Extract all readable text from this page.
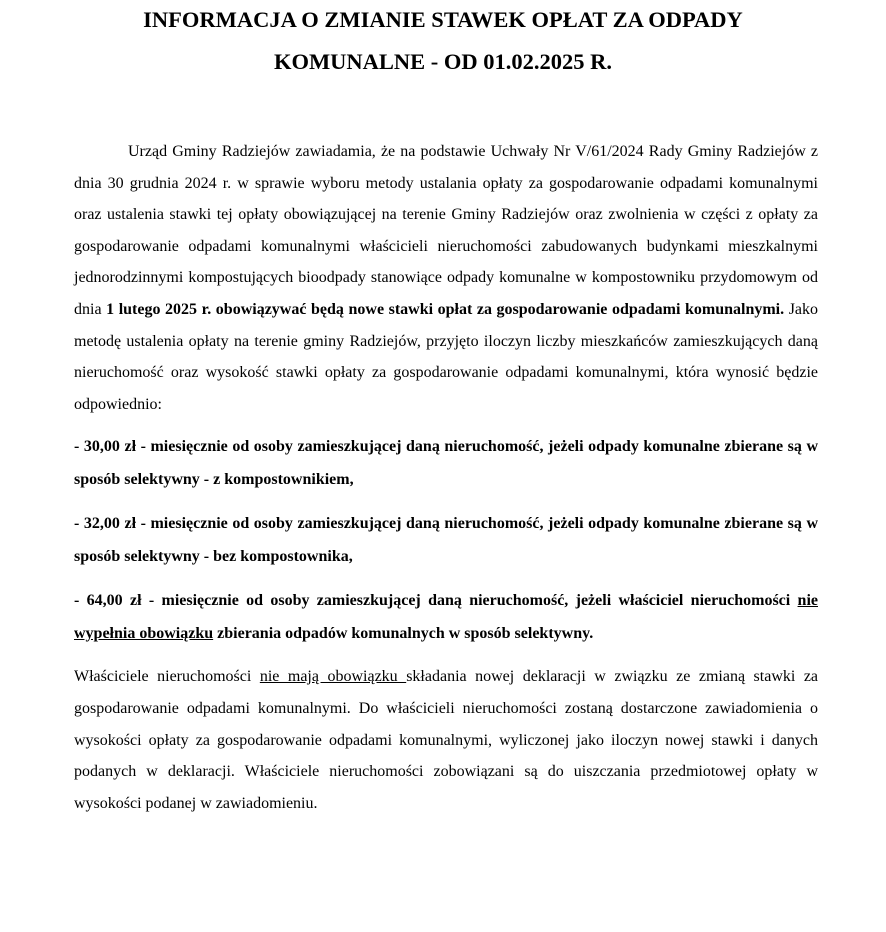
INFORMACJA O ZMIANIE STAWEK OPŁAT ZA ODPADY
KOMUNALNE - OD 01.02.2025 R.

Urząd Gminy Radziejów zawiadamia, że na podstawie Uchwały Nr V/61/2024 Rady Gminy Radziejów z dnia 30 grudnia 2024 r. w sprawie wyboru metody ustalania opłaty za gospodarowanie odpadami komunalnymi oraz ustalenia stawki tej opłaty obowiązującej na terenie Gminy Radziejów oraz zwolnienia w części z opłaty za gospodarowanie odpadami komunalnymi właścicieli nieruchomości zabudowanych budynkami mieszkalnymi jednorodzinnymi kompostujących bioodpady stanowiące odpady komunalne w kompostowniku przydomowym od dnia 1 lutego 2025 r. obowiązywać będą nowe stawki opłat za gospodarowanie odpadami komunalnymi. Jako metodę ustalenia opłaty na terenie gminy Radziejów, przyjęto iloczyn liczby mieszkańców zamieszkujących daną nieruchomość oraz wysokość stawki opłaty za gospodarowanie odpadami komunalnymi, która wynosić będzie odpowiednio:

- 30,00 zł - miesięcznie od osoby zamieszkującej daną nieruchomość, jeżeli odpady komunalne zbierane są w sposób selektywny - z kompostownikiem,

- 32,00 zł - miesięcznie od osoby zamieszkującej daną nieruchomość, jeżeli odpady komunalne zbierane są w sposób selektywny - bez kompostownika,

- 64,00 zł - miesięcznie od osoby zamieszkującej daną nieruchomość, jeżeli właściciel nieruchomości nie wypełnia obowiązku zbierania odpadów komunalnych w sposób selektywny.

Właściciele nieruchomości nie mają obowiązku składania nowej deklaracji w związku ze zmianą stawki za gospodarowanie odpadami komunalnymi. Do właścicieli nieruchomości zostaną dostarczone zawiadomienia o wysokości opłaty za gospodarowanie odpadami komunalnymi, wyliczonej jako iloczyn nowej stawki i danych podanych w deklaracji. Właściciele nieruchomości zobowiązani są do uiszczania przedmiotowej opłaty w wysokości podanej w zawiadomieniu.
